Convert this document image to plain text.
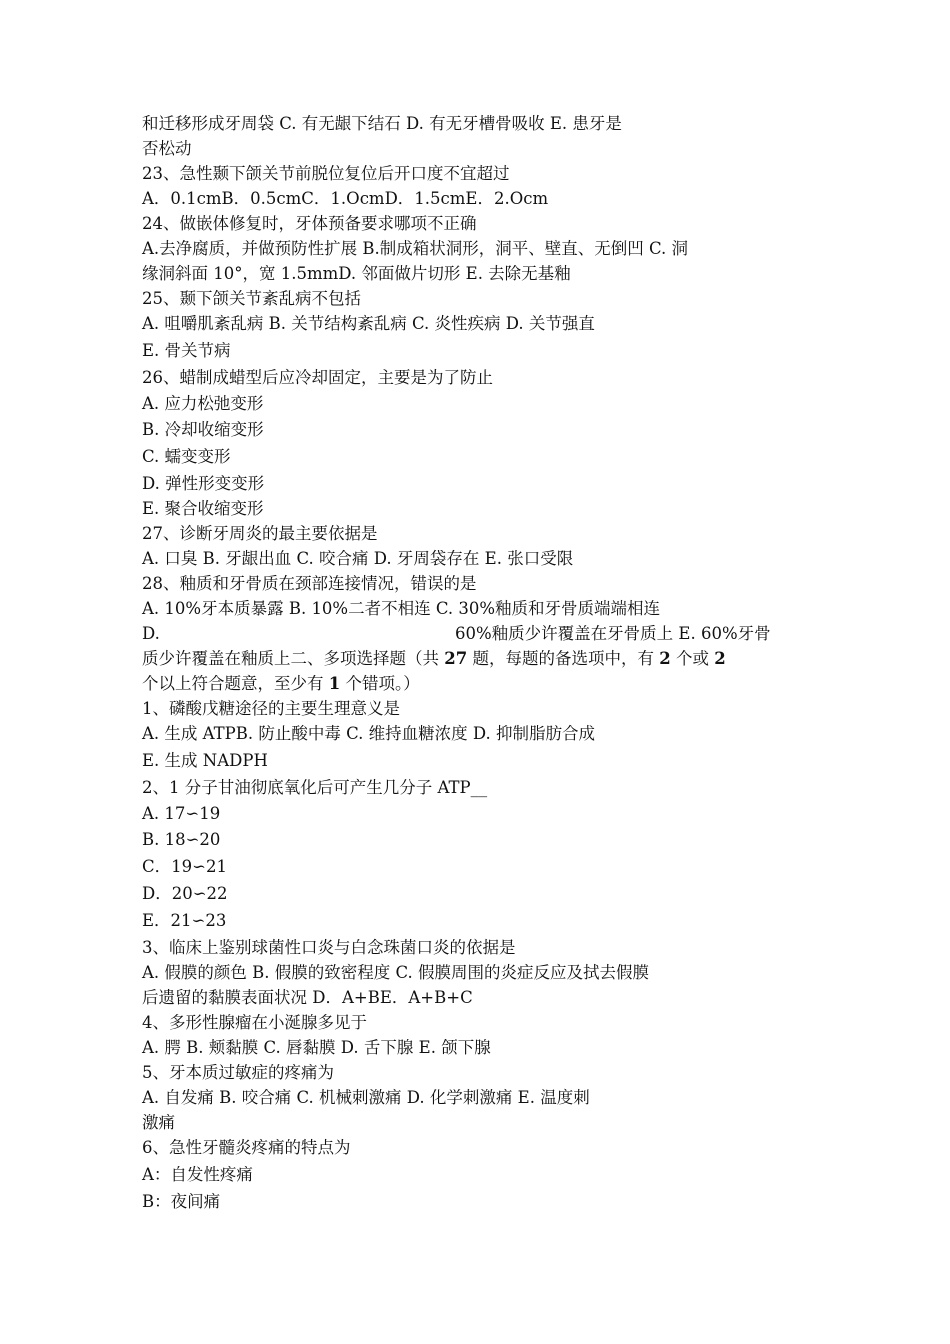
和迁移形成牙周袋 C. 有无龈下结石 D. 有无牙槽骨吸收 E. 患牙是
否松动
23、急性颞下颌关节前脱位复位后开口度不宜超过
A．0.1cmB．0.5cmC．1.OcmD．1.5cmE．2.Ocm
24、做嵌体修复时，牙体预备要求哪项不正确
A.去净腐质，并做预防性扩展 B.制成箱状洞形，洞平、壁直、无倒凹 C. 洞
缘洞斜面 10°，宽 1.5mmD. 邻面做片切形 E. 去除无基釉
25、颞下颌关节紊乱病不包括
A. 咀嚼肌紊乱病 B. 关节结构紊乱病 C. 炎性疾病 D. 关节强直
E. 骨关节病
26、蜡制成蜡型后应冷却固定，主要是为了防止
A. 应力松弛变形
B. 冷却收缩变形
C. 蠕变变形
D. 弹性形变变形
E. 聚合收缩变形
27、诊断牙周炎的最主要依据是
A. 口臭 B. 牙龈出血 C. 咬合痛 D. 牙周袋存在 E. 张口受限
28、釉质和牙骨质在颈部连接情况，错误的是
A. 10%牙本质暴露 B. 10%二者不相连 C. 30%釉质和牙骨质端端相连
D.	60%釉质少许覆盖在牙骨质上 E. 60%牙骨
质少许覆盖在釉质上二、多项选择题（共 27 题，每题的备选项中，有 2 个或 2
个以上符合题意，至少有 1 个错项。）
1、磷酸戊糖途径的主要生理意义是
A. 生成 ATPB. 防止酸中毒 C. 维持血糖浓度 D. 抑制脂肪合成
E. 生成 NADPH
2、1 分子甘油彻底氧化后可产生几分子 ATP__
A. 17∽19
B. 18∽20
C．19∽21
D．20∽22
E．21∽23
3、临床上鉴别球菌性口炎与白念珠菌口炎的依据是
A. 假膜的颜色 B. 假膜的致密程度 C. 假膜周围的炎症反应及拭去假膜
后遗留的黏膜表面状况 D．A+BE．A+B+C
4、多形性腺瘤在小涎腺多见于
A. 腭 B. 颊黏膜 C. 唇黏膜 D. 舌下腺 E. 颌下腺
5、牙本质过敏症的疼痛为
A. 自发痛 B. 咬合痛 C. 机械刺激痛 D. 化学刺激痛 E. 温度刺
激痛
6、急性牙髓炎疼痛的特点为
A：自发性疼痛
B：夜间痛
